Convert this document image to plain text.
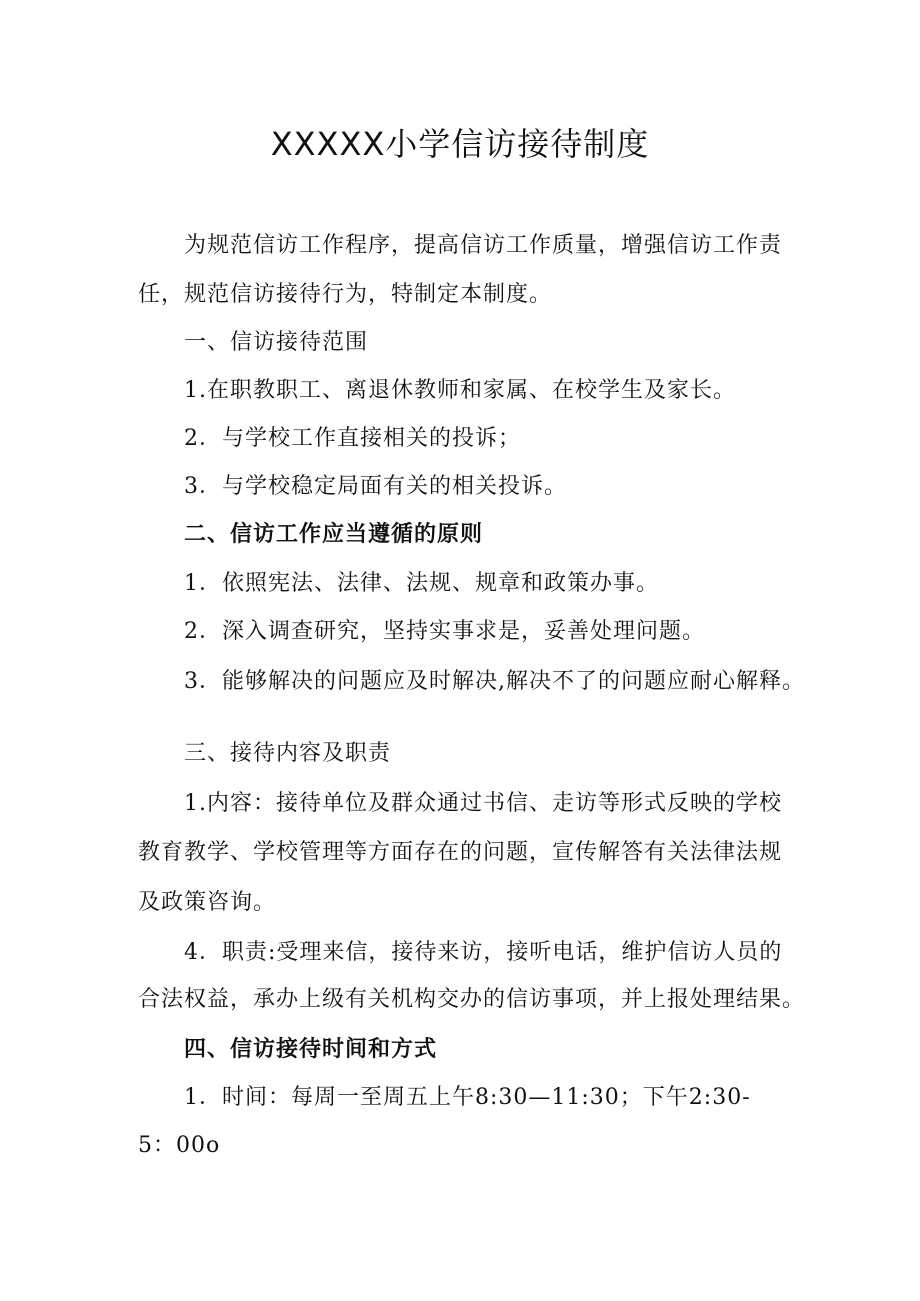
XXXXX小学信访接待制度

为规范信访工作程序，提高信访工作质量，增强信访工作责

任，规范信访接待行为，特制定本制度。

一、信访接待范围

1.在职教职工、离退休教师和家属、在校学生及家长。

2．与学校工作直接相关的投诉；

3．与学校稳定局面有关的相关投诉。

二、信访工作应当遵循的原则

1．依照宪法、法律、法规、规章和政策办事。

2．深入调查研究，坚持实事求是，妥善处理问题。

3．能够解决的问题应及时解决,解决不了的问题应耐心解释。

三、接待内容及职责

1.内容：接待单位及群众通过书信、走访等形式反映的学校

教育教学、学校管理等方面存在的问题，宣传解答有关法律法规

及政策咨询。

4．职责:受理来信，接待来访，接听电话，维护信访人员的

合法权益，承办上级有关机构交办的信访事项，并上报处理结果。

四、信访接待时间和方式

1．时间：每周一至周五上午8:30—11:30；下午2:30-

5：00o
